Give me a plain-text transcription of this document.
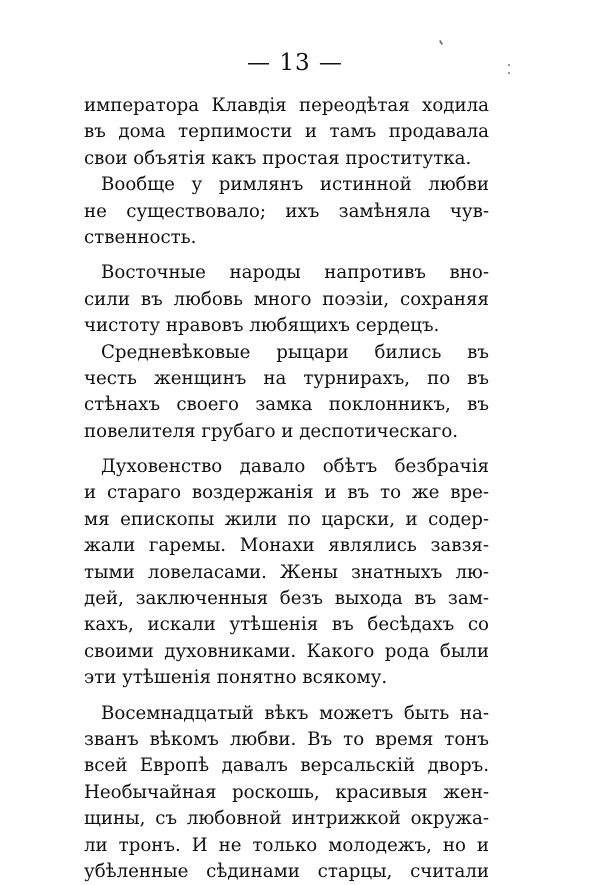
— 13 —
императора Клавдія переодѣтая ходила
въ дома терпимости и тамъ продавала
свои объятія какъ простая проститутка.
Вообще у римлянъ истинной любви
не существовало; ихъ замѣняла чув-
ственность.
Восточные народы напротивъ вно-
сили въ любовь много поэзіи, сохраняя
чистоту нравовъ любящихъ сердецъ.
Средневѣковые рыцари бились въ
честь женщинъ на турнирахъ, по въ
стѣнахъ своего замка поклонникъ, въ
повелителя грубаго и деспотическаго.
Духовенство давало обѣтъ безбрачія
и стараго воздержанія и въ то же вре-
мя епископы жили по царски, и содер-
жали гаремы. Монахи являлись завзя-
тыми ловеласами. Жены знатныхъ лю-
дей, заключенныя безъ выхода въ зам-
кахъ, искали утѣшенія въ бесѣдахъ со
своими духовниками. Какого рода были
эти утѣшенія понятно всякому.
Восемнадцатый вѣкъ можетъ быть на-
званъ вѣкомъ любви. Въ то время тонъ
всей Европѣ давалъ версальскій дворъ.
Необычайная роскошь, красивыя жен-
щины, съ любовной интрижкой окружа-
ли тронъ. И не только молодежъ, но и
убѣленные сѣдинами старцы, считали
